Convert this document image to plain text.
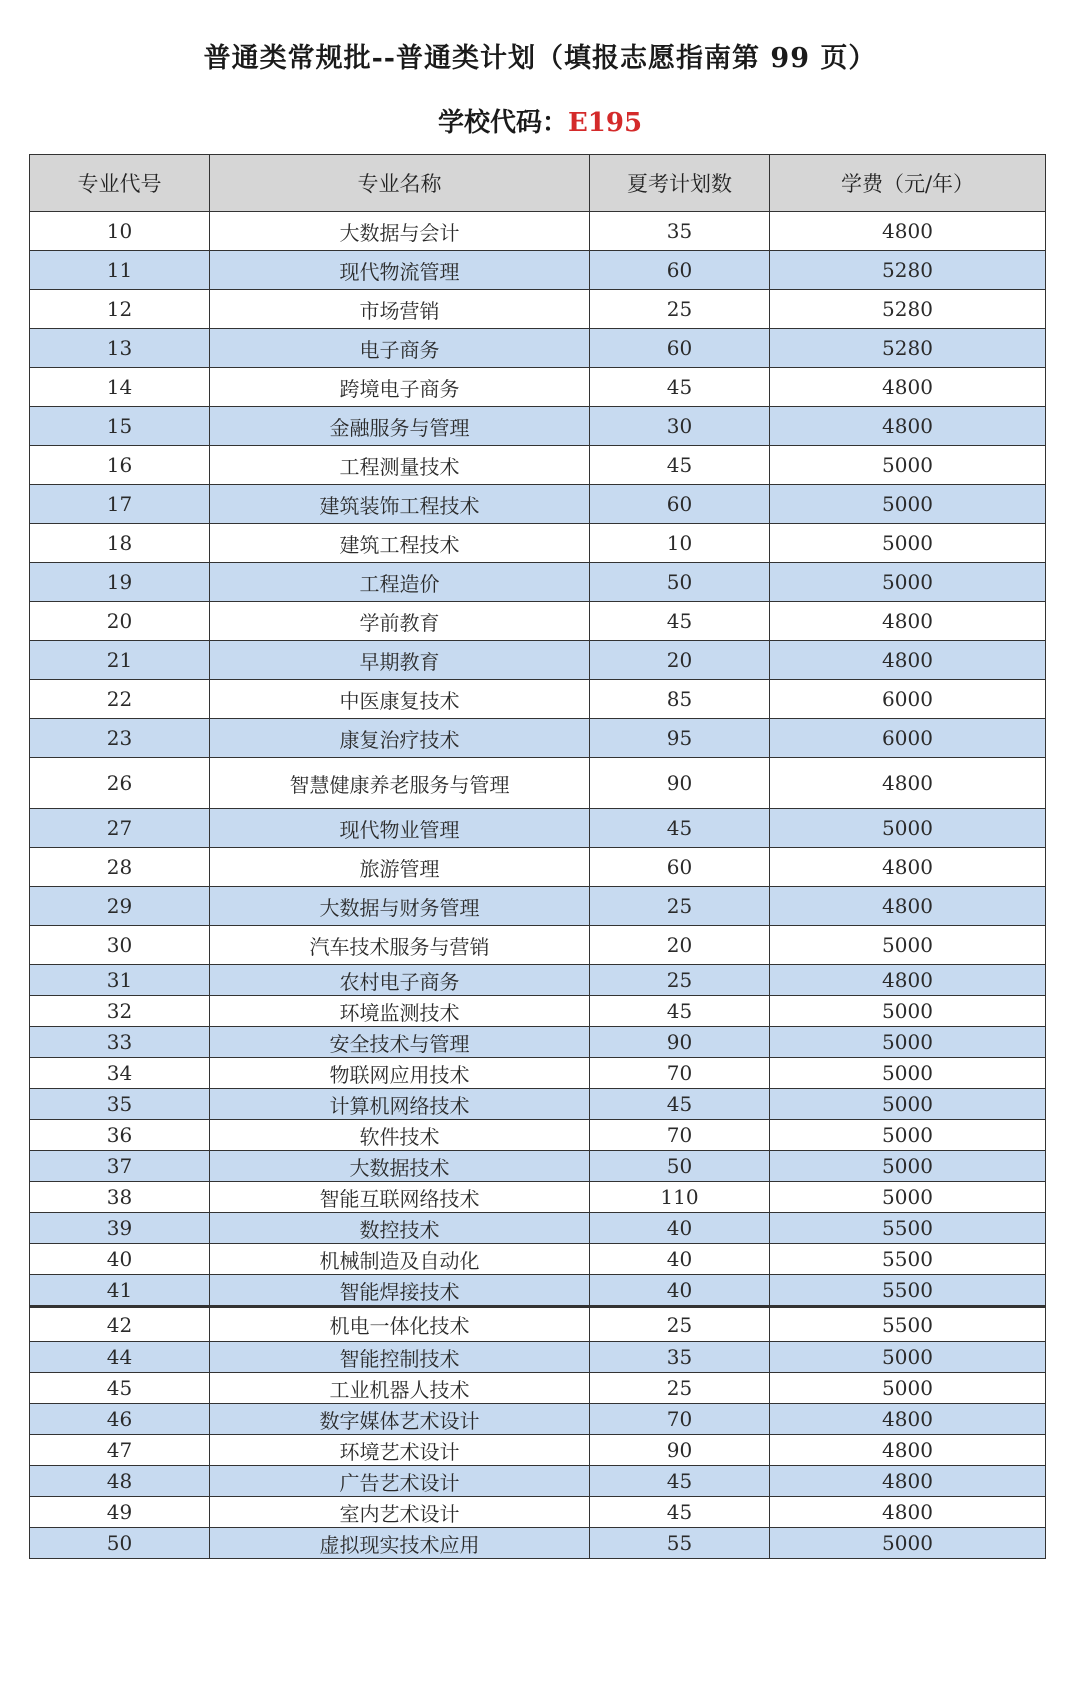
普通类常规批--普通类计划（填报志愿指南第 99 页）
学校代码：E195
专业代号	专业名称	夏考计划数	学费（元/年）
10	大数据与会计	35	4800
11	现代物流管理	60	5280
12	市场营销	25	5280
13	电子商务	60	5280
14	跨境电子商务	45	4800
15	金融服务与管理	30	4800
16	工程测量技术	45	5000
17	建筑装饰工程技术	60	5000
18	建筑工程技术	10	5000
19	工程造价	50	5000
20	学前教育	45	4800
21	早期教育	20	4800
22	中医康复技术	85	6000
23	康复治疗技术	95	6000
26	智慧健康养老服务与管理	90	4800
27	现代物业管理	45	5000
28	旅游管理	60	4800
29	大数据与财务管理	25	4800
30	汽车技术服务与营销	20	5000
31	农村电子商务	25	4800
32	环境监测技术	45	5000
33	安全技术与管理	90	5000
34	物联网应用技术	70	5000
35	计算机网络技术	45	5000
36	软件技术	70	5000
37	大数据技术	50	5000
38	智能互联网络技术	110	5000
39	数控技术	40	5500
40	机械制造及自动化	40	5500
41	智能焊接技术	40	5500
42	机电一体化技术	25	5500
44	智能控制技术	35	5000
45	工业机器人技术	25	5000
46	数字媒体艺术设计	70	4800
47	环境艺术设计	90	4800
48	广告艺术设计	45	4800
49	室内艺术设计	45	4800
50	虚拟现实技术应用	55	5000
